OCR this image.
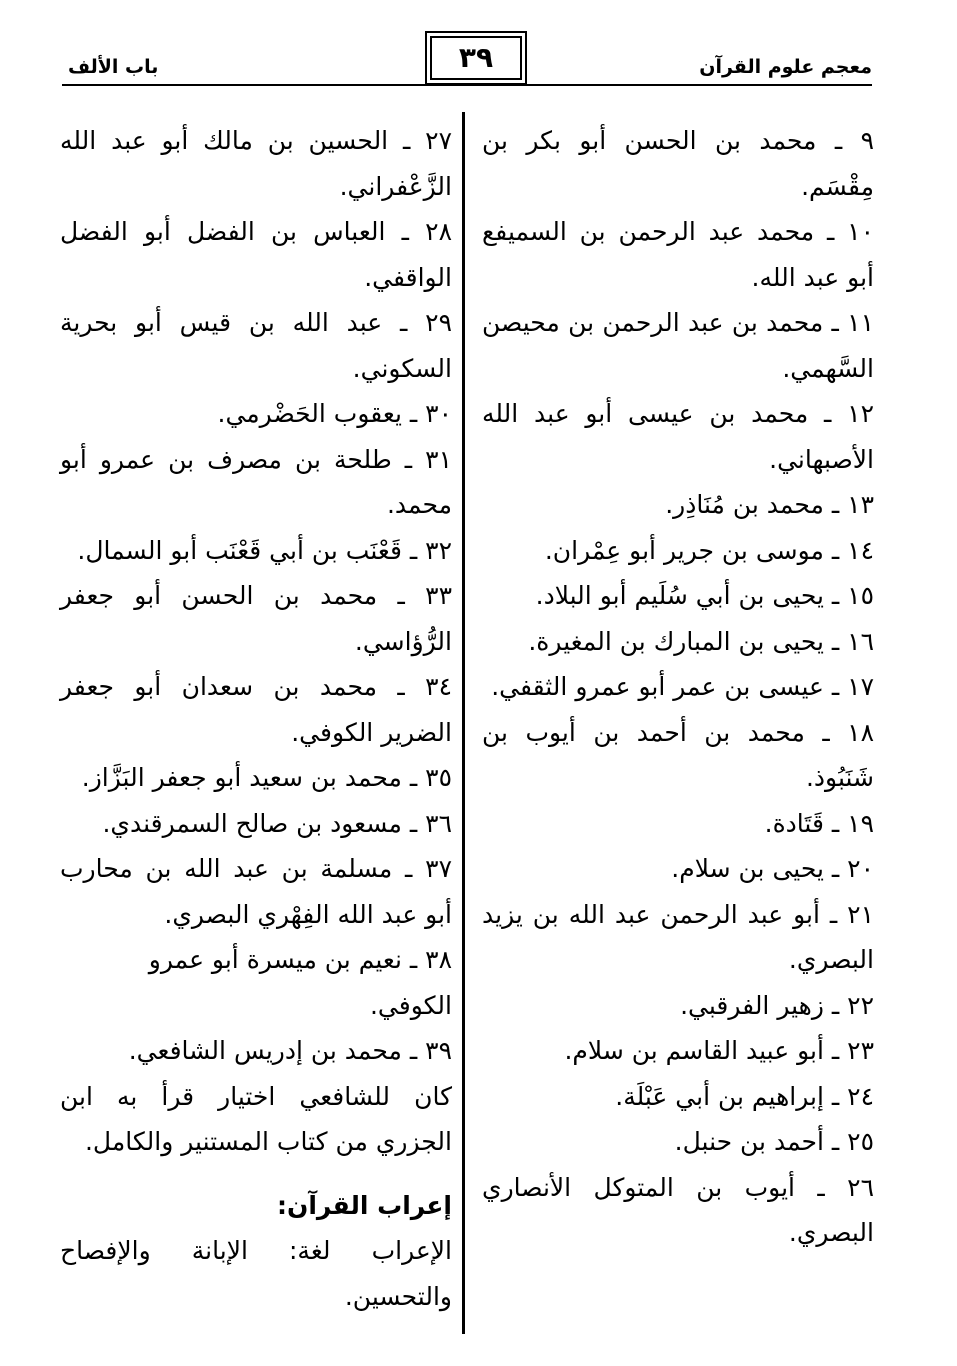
معجم علوم القرآن
٣٩
باب الألف

٩ ـ محمد بن الحسن أبو بكر بن مِقْسَم.

١٠ ـ محمد عبد الرحمن بن السميفع أبو عبد الله.

١١ ـ محمد بن عبد الرحمن بن محيصن السَّهمي.

١٢ ـ محمد بن عيسى أبو عبد الله الأصبهاني.

١٣ ـ محمد بن مُنَاذِر.

١٤ ـ موسى بن جرير أبو عِمْران.

١٥ ـ يحيى بن أبي سُلَيم أبو البلاد.

١٦ ـ يحيى بن المبارك بن المغيرة.

١٧ ـ عيسى بن عمر أبو عمرو الثقفي.

١٨ ـ محمد بن أحمد بن أيوب بن شَنَبُوذ.

١٩ ـ قَتَادة.

٢٠ ـ يحيى بن سلام.

٢١ ـ أبو عبد الرحمن عبد الله بن يزيد البصري.

٢٢ ـ زهير الفرقبي.

٢٣ ـ أبو عبيد القاسم بن سلام.

٢٤ ـ إبراهيم بن أبي عَبْلَة.

٢٥ ـ أحمد بن حنبل.

٢٦ ـ أيوب بن المتوكل الأنصاري البصري.

٢٧ ـ الحسين بن مالك أبو عبد الله الزَّعْفراني.

٢٨ ـ العباس بن الفضل أبو الفضل الواقفي.

٢٩ ـ عبد الله بن قيس أبو بحرية السكوني.

٣٠ ـ يعقوب الحَضْرمي.

٣١ ـ طلحة بن مصرف بن عمرو أبو محمد.

٣٢ ـ قَعْنَب بن أبي قَعْنَب أبو السمال.

٣٣ ـ محمد بن الحسن أبو جعفر الرُّؤاسي.

٣٤ ـ محمد بن سعدان أبو جعفر الضرير الكوفي.

٣٥ ـ محمد بن سعيد أبو جعفر البَزَّاز.

٣٦ ـ مسعود بن صالح السمرقندي.

٣٧ ـ مسلمة بن عبد الله بن محارب أبو عبد الله الفِهْري البصري.

٣٨ ـ نعيم بن ميسرة أبو عمرو الكوفي.

٣٩ ـ محمد بن إدريس الشافعي.

كان للشافعي اختيار قرأ به ابن الجزري من كتاب المستنير والكامل.

إعراب القرآن:

الإعراب لغة: الإبانة والإفصاح والتحسين.
